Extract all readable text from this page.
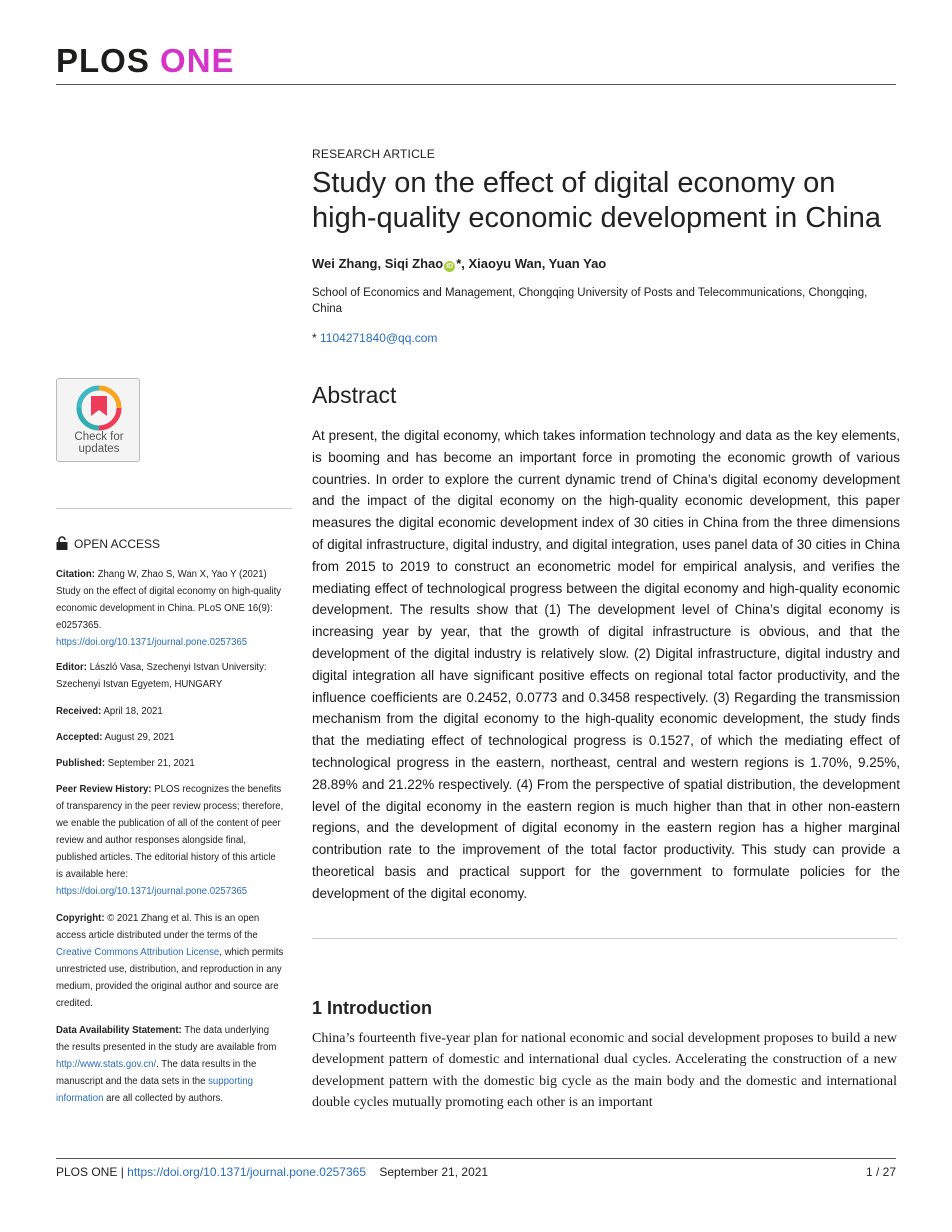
PLOS ONE
RESEARCH ARTICLE
Study on the effect of digital economy on high-quality economic development in China
Wei Zhang, Siqi Zhao iD *, Xiaoyu Wan, Yuan Yao
School of Economics and Management, Chongqing University of Posts and Telecommunications, Chongqing, China
* 1104271840@qq.com
Check for
updates
OPEN ACCESS
Citation: Zhang W, Zhao S, Wan X, Yao Y (2021) Study on the effect of digital economy on high-quality economic development in China. PLoS ONE 16(9): e0257365. https://doi.org/10.1371/journal.pone.0257365
Editor: László Vasa, Szechenyi Istvan University: Szechenyi Istvan Egyetem, HUNGARY
Received: April 18, 2021
Accepted: August 29, 2021
Published: September 21, 2021
Peer Review History: PLOS recognizes the benefits of transparency in the peer review process; therefore, we enable the publication of all of the content of peer review and author responses alongside final, published articles. The editorial history of this article is available here: https://doi.org/10.1371/journal.pone.0257365
Copyright: © 2021 Zhang et al. This is an open access article distributed under the terms of the Creative Commons Attribution License, which permits unrestricted use, distribution, and reproduction in any medium, provided the original author and source are credited.
Data Availability Statement: The data underlying the results presented in the study are available from http://www.stats.gov.cn/. The data results in the manuscript and the data sets in the supporting information are all collected by authors.
Abstract
At present, the digital economy, which takes information technology and data as the key elements, is booming and has become an important force in promoting the economic growth of various countries. In order to explore the current dynamic trend of China’s digital economy development and the impact of the digital economy on the high-quality economic development, this paper measures the digital economic development index of 30 cities in China from the three dimensions of digital infrastructure, digital industry, and digital integration, uses panel data of 30 cities in China from 2015 to 2019 to construct an econometric model for empirical analysis, and verifies the mediating effect of technological progress between the digital economy and high-quality economic development. The results show that (1) The development level of China’s digital economy is increasing year by year, that the growth of digital infrastructure is obvious, and that the development of the digital industry is relatively slow. (2) Digital infrastructure, digital industry and digital integration all have significant positive effects on regional total factor productivity, and the influence coefficients are 0.2452, 0.0773 and 0.3458 respectively. (3) Regarding the transmission mechanism from the digital economy to the high-quality economic development, the study finds that the mediating effect of technological progress is 0.1527, of which the mediating effect of technological progress in the eastern, northeast, central and western regions is 1.70%, 9.25%, 28.89% and 21.22% respectively. (4) From the perspective of spatial distribution, the development level of the digital economy in the eastern region is much higher than that in other non-eastern regions, and the development of digital economy in the eastern region has a higher marginal contribution rate to the improvement of the total factor productivity. This study can provide a theoretical basis and practical support for the government to formulate policies for the development of the digital economy.
1 Introduction
China’s fourteenth five-year plan for national economic and social development proposes to build a new development pattern of domestic and international dual cycles. Accelerating the construction of a new development pattern with the domestic big cycle as the main body and the domestic and international double cycles mutually promoting each other is an important
PLOS ONE | https://doi.org/10.1371/journal.pone.0257365 September 21, 2021	1 / 27
